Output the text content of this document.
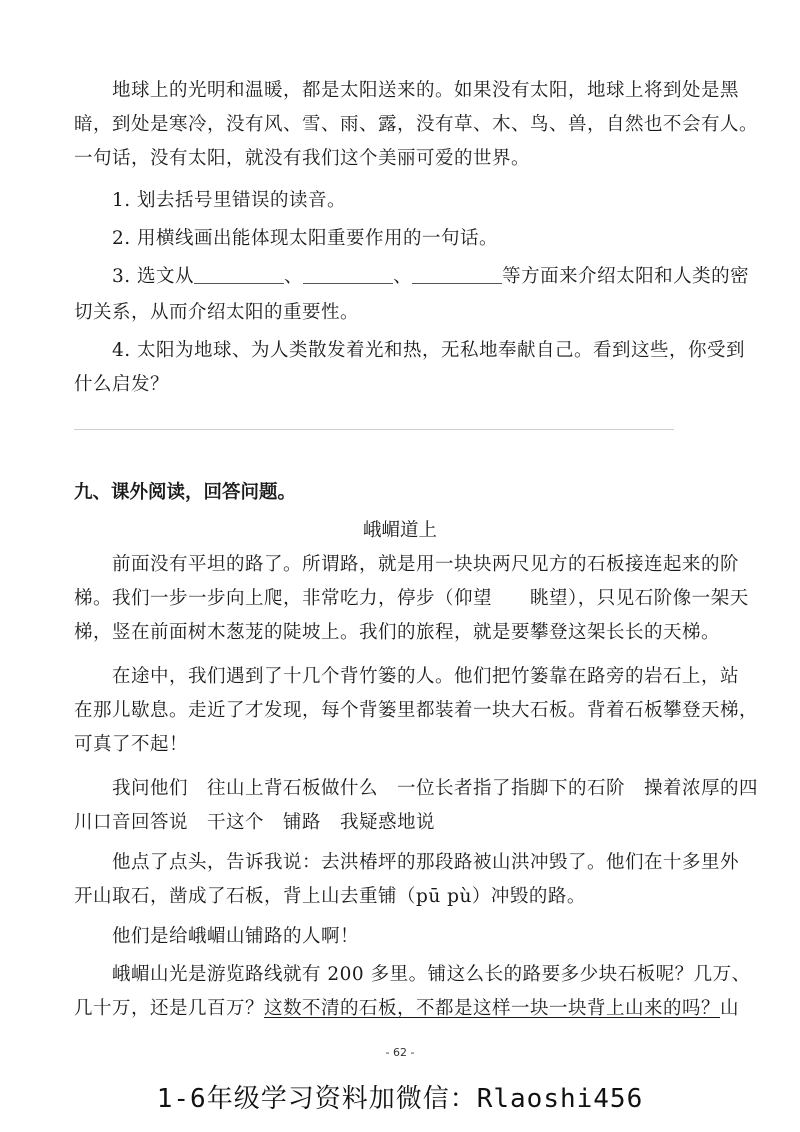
地球上的光明和温暖，都是太阳送来的。如果没有太阳，地球上将到处是黑
暗，到处是寒冷，没有风、雪、雨、露，没有草、木、鸟、兽，自然也不会有人。
一句话，没有太阳，就没有我们这个美丽可爱的世界。
1. 划去括号里错误的读音。
2. 用横线画出能体现太阳重要作用的一句话。
3. 选文从	、	、	等方面来介绍太阳和人类的密
切关系，从而介绍太阳的重要性。
4. 太阳为地球、为人类散发着光和热，无私地奉献自己。看到这些，你受到
什么启发？
九、课外阅读，回答问题。
峨嵋道上
前面没有平坦的路了。所谓路，就是用一块块两尺见方的石板接连起来的阶
梯。我们一步一步向上爬，非常吃力，停步（仰望　　眺望），只见石阶像一架天
梯，竖在前面树木葱茏的陡坡上。我们的旅程，就是要攀登这架长长的天梯。
在途中，我们遇到了十几个背竹篓的人。他们把竹篓靠在路旁的岩石上，站
在那儿歇息。走近了才发现，每个背篓里都装着一块大石板。背着石板攀登天梯，
可真了不起！
我问他们　往山上背石板做什么　一位长者指了指脚下的石阶　操着浓厚的四
川口音回答说　干这个　铺路　我疑惑地说
他点了点头，告诉我说：去洪椿坪的那段路被山洪冲毁了。他们在十多里外
开山取石，凿成了石板，背上山去重铺（pū pù）冲毁的路。
他们是给峨嵋山铺路的人啊！
峨嵋山光是游览路线就有 200 多里。铺这么长的路要多少块石板呢？几万、
几十万，还是几百万？这数不清的石板，不都是这样一块一块背上山来的吗？山
- 62 -
1-6年级学习资料加微信：Rlaoshi456
